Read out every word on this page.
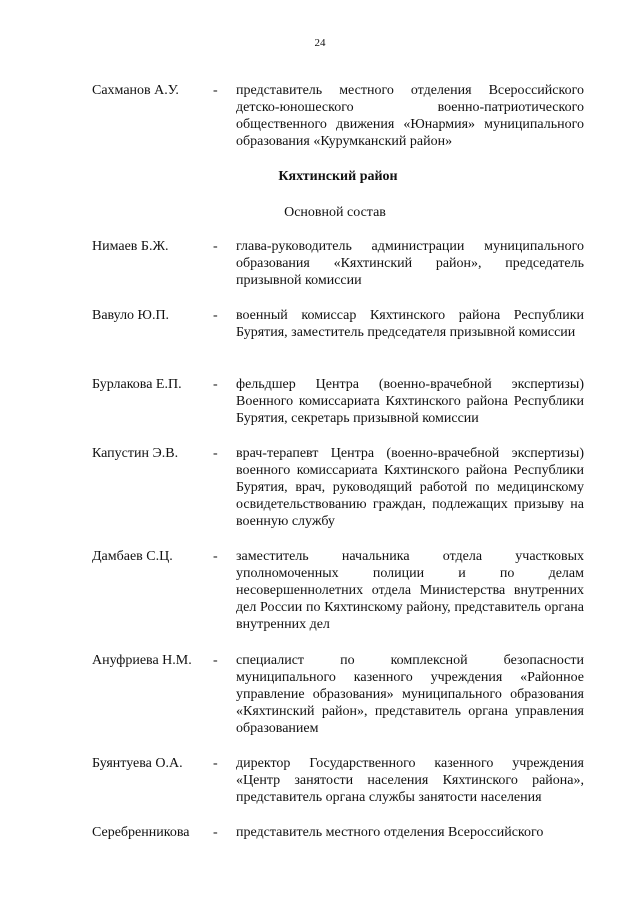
24
Сахманов А.У. - представитель местного отделения Всероссийского детско-юношеского военно-патриотического общественного движения «Юнармия» муниципального образования «Курумканский район»
Кяхтинский район
Основной состав
Нимаев Б.Ж.	- глава-руководитель администрации муниципального образования «Кяхтинский район», председатель призывной комиссии
Вавуло Ю.П.	- военный комиссар Кяхтинского района Республики Бурятия, заместитель председателя призывной комиссии
Бурлакова Е.П. - фельдшер Центра (военно-врачебной экспертизы) Военного комиссариата Кяхтинского района Республики Бурятия, секретарь призывной комиссии
Капустин Э.В. - врач-терапевт Центра (военно-врачебной экспертизы) военного комиссариата Кяхтинского района Республики Бурятия, врач, руководящий работой по медицинскому освидетельствованию граждан, подлежащих призыву на военную службу
Дамбаев С.Ц.	- заместитель начальника отдела участковых уполномоченных полиции и по делам несовершеннолетних отдела Министерства внутренних дел России по Кяхтинскому району, представитель органа внутренних дел
Ануфриева Н.М. - специалист по комплексной безопасности муниципального казенного учреждения «Районное управление образования» муниципального образования «Кяхтинский район», представитель органа управления образованием
Буянтуева О.А. - директор Государственного казенного учреждения «Центр занятости населения Кяхтинского района», представитель органа службы занятости населения
Серебренникова - представитель местного отделения Всероссийского
